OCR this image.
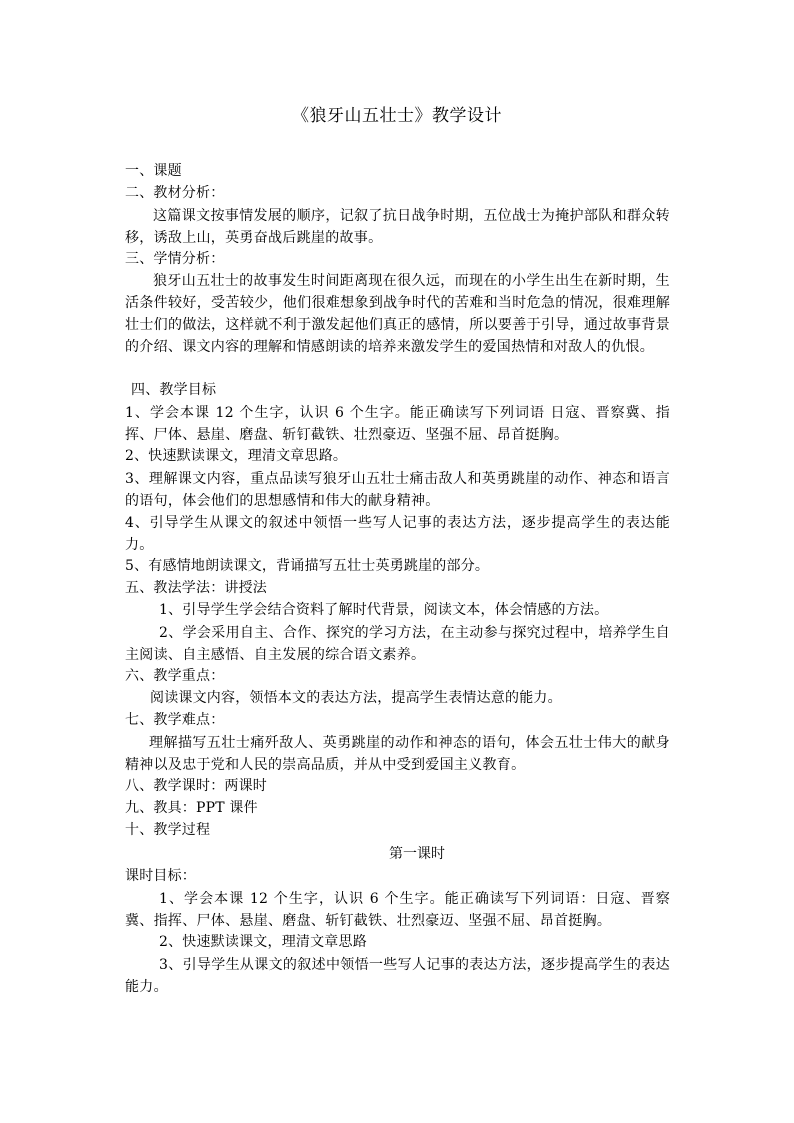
《狼牙山五壮士》教学设计
一、课题
二、教材分析：
这篇课文按事情发展的顺序，记叙了抗日战争时期，五位战士为掩护部队和群众转移，诱敌上山，英勇奋战后跳崖的故事。
三、学情分析：
狼牙山五壮士的故事发生时间距离现在很久远，而现在的小学生出生在新时期，生活条件较好，受苦较少，他们很难想象到战争时代的苦难和当时危急的情况，很难理解壮士们的做法，这样就不利于激发起他们真正的感情，所以要善于引导，通过故事背景的介绍、课文内容的理解和情感朗读的培养来激发学生的爱国热情和对敌人的仇恨。
四、教学目标
1、学会本课 12 个生字，认识 6 个生字。能正确读写下列词语 日寇、晋察冀、指挥、尸体、悬崖、磨盘、斩钉截铁、壮烈豪迈、坚强不屈、昂首挺胸。
2、快速默读课文，理清文章思路。
3、理解课文内容，重点品读写狼牙山五壮士痛击敌人和英勇跳崖的动作、神态和语言的语句，体会他们的思想感情和伟大的献身精神。
4、引导学生从课文的叙述中领悟一些写人记事的表达方法，逐步提高学生的表达能力。
5、有感情地朗读课文，背诵描写五壮士英勇跳崖的部分。
五、教法学法：讲授法
1、引导学生学会结合资料了解时代背景，阅读文本，体会情感的方法。
2、学会采用自主、合作、探究的学习方法，在主动参与探究过程中，培养学生自主阅读、自主感悟、自主发展的综合语文素养。
六、教学重点：
阅读课文内容，领悟本文的表达方法，提高学生表情达意的能力。
七、教学难点：
理解描写五壮士痛歼敌人、英勇跳崖的动作和神态的语句，体会五壮士伟大的献身精神以及忠于党和人民的崇高品质，并从中受到爱国主义教育。
八、教学课时：两课时
九、教具：PPT 课件
十、教学过程
第一课时
课时目标：
1、学会本课 12 个生字，认识 6 个生字。能正确读写下列词语：日寇、晋察冀、指挥、尸体、悬崖、磨盘、斩钉截铁、壮烈豪迈、坚强不屈、昂首挺胸。
2、快速默读课文，理清文章思路
3、引导学生从课文的叙述中领悟一些写人记事的表达方法，逐步提高学生的表达能力。
